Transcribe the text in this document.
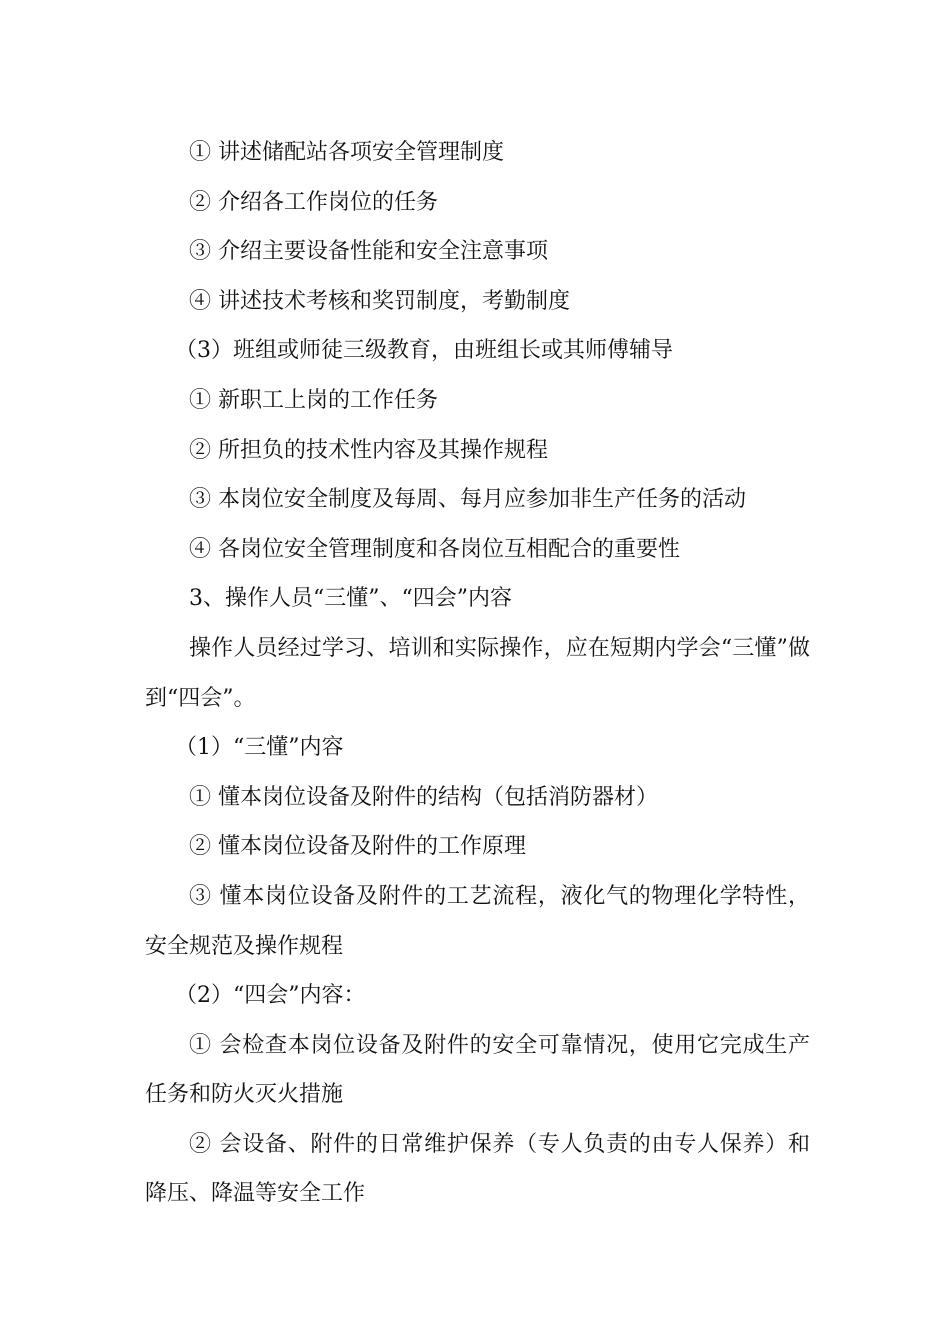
① 讲述储配站各项安全管理制度

② 介绍各工作岗位的任务

③ 介绍主要设备性能和安全注意事项

④ 讲述技术考核和奖罚制度，考勤制度

（3）班组或师徒三级教育，由班组长或其师傅辅导

① 新职工上岗的工作任务

② 所担负的技术性内容及其操作规程

③ 本岗位安全制度及每周、每月应参加非生产任务的活动

④ 各岗位安全管理制度和各岗位互相配合的重要性

3、操作人员“三懂”、“四会”内容

操作人员经过学习、培训和实际操作，应在短期内学会“三懂”做到“四会”。

（1）“三懂”内容

① 懂本岗位设备及附件的结构（包括消防器材）

② 懂本岗位设备及附件的工作原理

③ 懂本岗位设备及附件的工艺流程，液化气的物理化学特性，安全规范及操作规程

（2）“四会”内容：

① 会检查本岗位设备及附件的安全可靠情况，使用它完成生产任务和防火灭火措施

② 会设备、附件的日常维护保养（专人负责的由专人保养）和降压、降温等安全工作
